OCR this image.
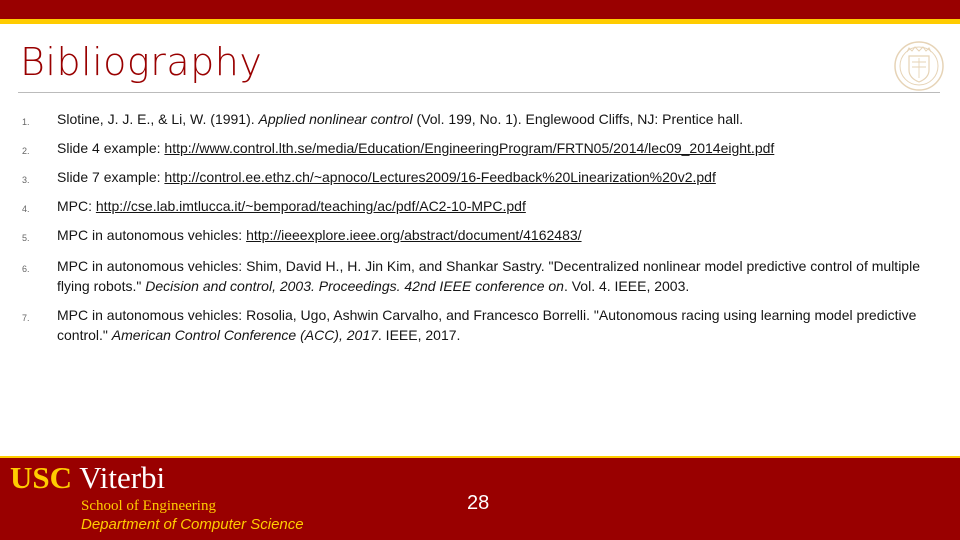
Bibliography
1. Slotine, J. J. E., & Li, W. (1991). Applied nonlinear control (Vol. 199, No. 1). Englewood Cliffs, NJ: Prentice hall.
2. Slide 4 example: http://www.control.lth.se/media/Education/EngineeringProgram/FRTN05/2014/lec09_2014eight.pdf
3. Slide 7 example: http://control.ee.ethz.ch/~apnoco/Lectures2009/16-Feedback%20Linearization%20v2.pdf
4. MPC: http://cse.lab.imtlucca.it/~bemporad/teaching/ac/pdf/AC2-10-MPC.pdf
5. MPC in autonomous vehicles: http://ieeexplore.ieee.org/abstract/document/4162483/
6. MPC in autonomous vehicles: Shim, David H., H. Jin Kim, and Shankar Sastry. "Decentralized nonlinear model predictive control of multiple flying robots." Decision and control, 2003. Proceedings. 42nd IEEE conference on. Vol. 4. IEEE, 2003.
7. MPC in autonomous vehicles: Rosolia, Ugo, Ashwin Carvalho, and Francesco Borrelli. "Autonomous racing using learning model predictive control." American Control Conference (ACC), 2017. IEEE, 2017.
USC Viterbi
School of Engineering
Department of Computer Science
28
